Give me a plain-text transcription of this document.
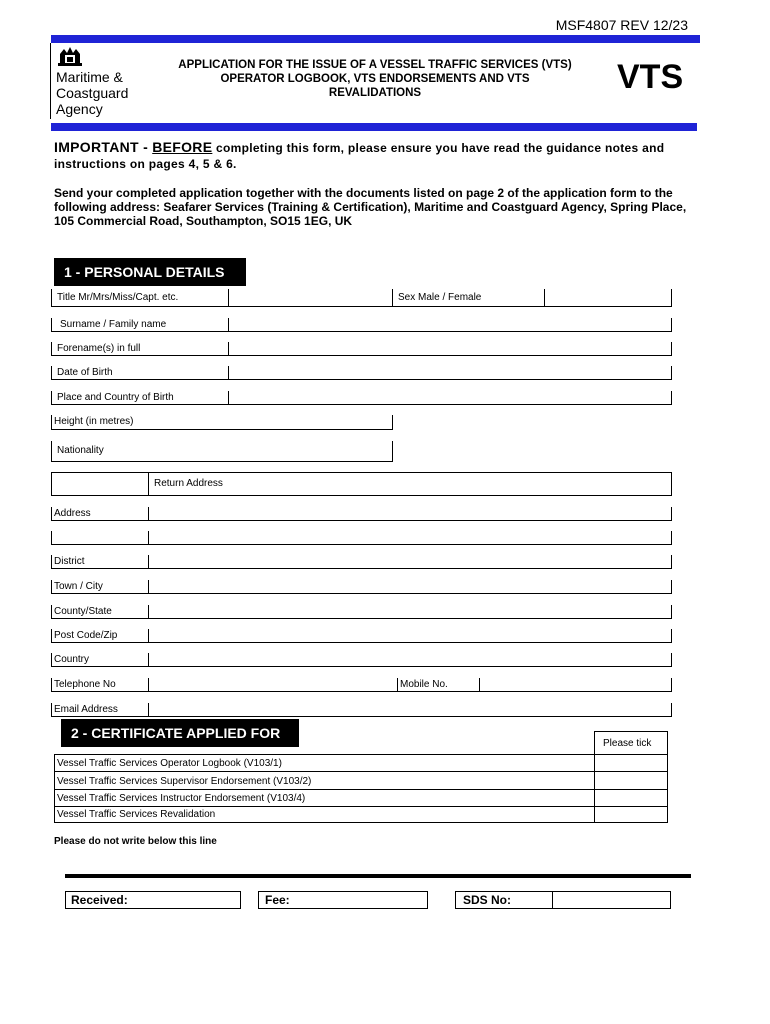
MSF4807 REV 12/23
Maritime &
Coastguard
Agency
APPLICATION FOR THE ISSUE OF A VESSEL TRAFFIC SERVICES (VTS)
OPERATOR LOGBOOK, VTS ENDORSEMENTS AND VTS
REVALIDATIONS	VTS
IMPORTANT - BEFORE completing this form, please ensure you have read the guidance notes and
instructions on pages 4, 5 & 6.
Send your completed application together with the documents listed on page 2 of the application form to the
following address: Seafarer Services (Training & Certification), Maritime and Coastguard Agency, Spring Place,
105 Commercial Road, Southampton, SO15 1EG, UK
1 - PERSONAL DETAILS
Title Mr/Mrs/Miss/Capt. etc.	Sex Male / Female
Surname / Family name
Forename(s) in full
Date of Birth
Place and Country of Birth
Height (in metres)
Nationality
Return Address
Address
District
Town / City
County/State
Post Code/Zip
Country
Telephone No	Mobile No.
Email Address
2 - CERTIFICATE APPLIED FOR
Please tick
Vessel Traffic Services Operator Logbook (V103/1)
Vessel Traffic Services Supervisor Endorsement (V103/2)
Vessel Traffic Services Instructor Endorsement (V103/4)
Vessel Traffic Services Revalidation
Please do not write below this line
Received:	Fee:	SDS No:
